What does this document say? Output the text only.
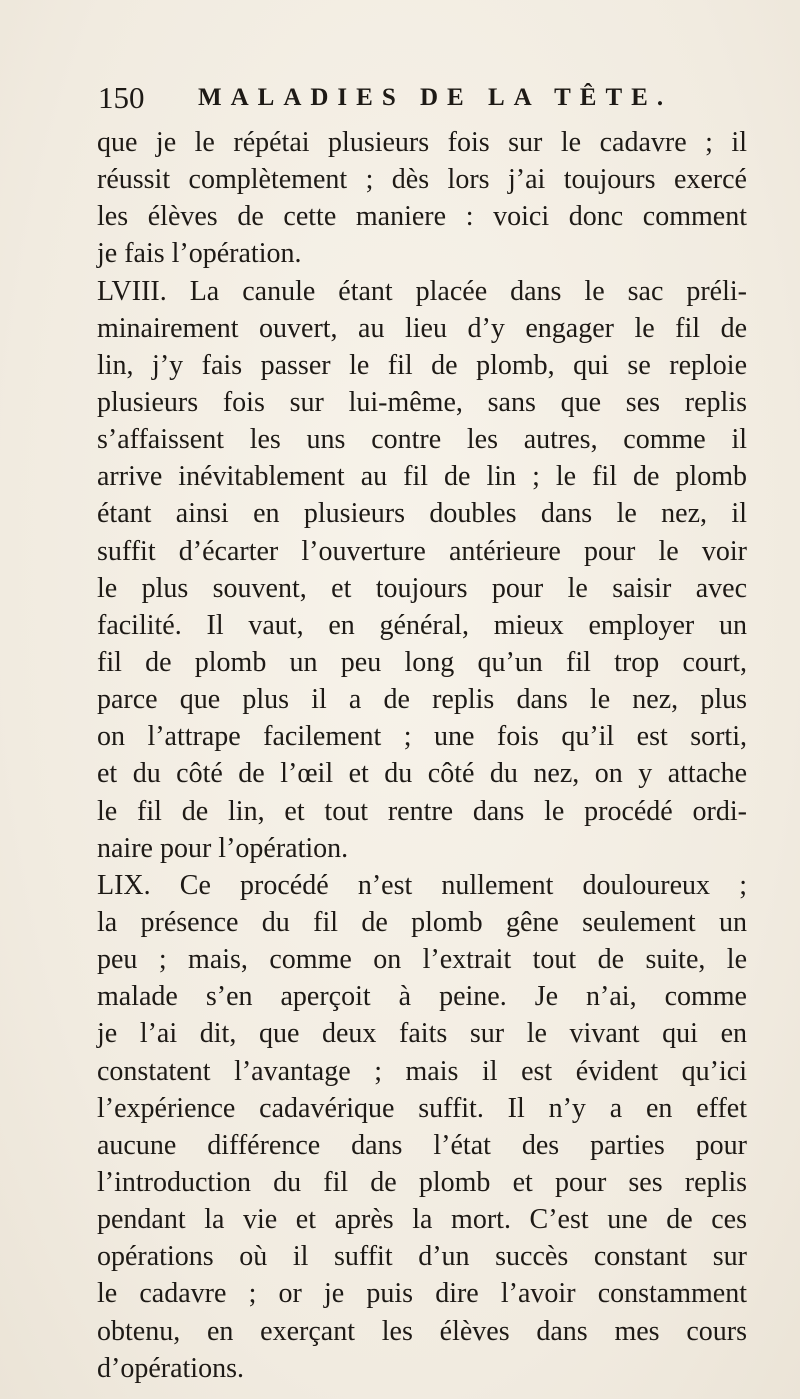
150 MALADIES DE LA TÊTE.
que je le répétai plusieurs fois sur le cadavre ; il
réussit complètement ; dès lors j’ai toujours exercé
les élèves de cette maniere : voici donc comment
je fais l’opération.
LVIII. La canule étant placée dans le sac préli-
minairement ouvert, au lieu d’y engager le fil de
lin, j’y fais passer le fil de plomb, qui se reploie
plusieurs fois sur lui-même, sans que ses replis
s’affaissent les uns contre les autres, comme il
arrive inévitablement au fil de lin ; le fil de plomb
étant ainsi en plusieurs doubles dans le nez, il
suffit d’écarter l’ouverture antérieure pour le voir
le plus souvent, et toujours pour le saisir avec
facilité. Il vaut, en général, mieux employer un
fil de plomb un peu long qu’un fil trop court,
parce que plus il a de replis dans le nez, plus
on l’attrape facilement ; une fois qu’il est sorti,
et du côté de l’œil et du côté du nez, on y attache
le fil de lin, et tout rentre dans le procédé ordi-
naire pour l’opération.
LIX. Ce procédé n’est nullement douloureux ;
la présence du fil de plomb gêne seulement un
peu ; mais, comme on l’extrait tout de suite, le
malade s’en aperçoit à peine. Je n’ai, comme
je l’ai dit, que deux faits sur le vivant qui en
constatent l’avantage ; mais il est évident qu’ici
l’expérience cadavérique suffit. Il n’y a en effet
aucune différence dans l’état des parties pour
l’introduction du fil de plomb et pour ses replis
pendant la vie et après la mort. C’est une de ces
opérations où il suffit d’un succès constant sur
le cadavre ; or je puis dire l’avoir constamment
obtenu, en exerçant les élèves dans mes cours
d’opérations.
